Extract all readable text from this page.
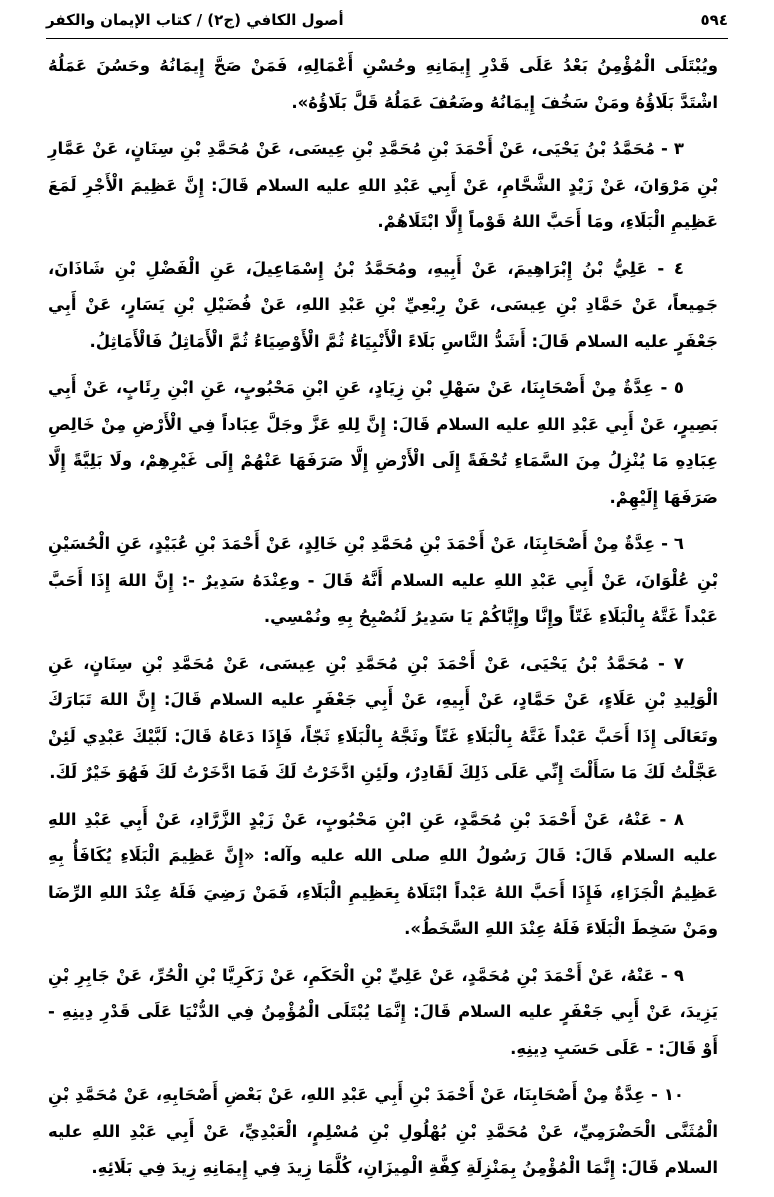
٥٩٤
أصول الكافي (ج٢) / كتاب الإيمان والكفر

ويُبْتَلَى الْمُؤْمِنُ بَعْدُ عَلَى قَدْرِ إِيمَانِهِ وحُسْنِ أَعْمَالِهِ، فَمَنْ صَحَّ إِيمَانُهُ وحَسُنَ عَمَلُهُ اشْتَدَّ بَلَاؤُهُ ومَنْ سَخُفَ إِيمَانُهُ وضَعُفَ عَمَلُهُ قَلَّ بَلَاؤُهُ».

٣ - مُحَمَّدُ بْنُ يَحْيَى، عَنْ أَحْمَدَ بْنِ مُحَمَّدِ بْنِ عِيسَى، عَنْ مُحَمَّدِ بْنِ سِنَانٍ، عَنْ عَمَّارِ بْنِ مَرْوَانَ، عَنْ زَيْدٍ الشَّحَّامِ، عَنْ أَبِي عَبْدِ اللهِ عليه السلام قَالَ: إِنَّ عَظِيمَ الْأَجْرِ لَمَعَ عَظِيمِ الْبَلَاءِ، ومَا أَحَبَّ اللهُ قَوْماً إِلَّا ابْتَلَاهُمْ.

٤ - عَلِيُّ بْنُ إِبْرَاهِيمَ، عَنْ أَبِيهِ، ومُحَمَّدُ بْنُ إِسْمَاعِيلَ، عَنِ الْفَضْلِ بْنِ شَاذَانَ، جَمِيعاً، عَنْ حَمَّادِ بْنِ عِيسَى، عَنْ رِبْعِيِّ بْنِ عَبْدِ اللهِ، عَنْ فُضَيْلِ بْنِ يَسَارٍ، عَنْ أَبِي جَعْفَرٍ عليه السلام قَالَ: أَشَدُّ النَّاسِ بَلَاءً الْأَنْبِيَاءُ ثُمَّ الْأَوْصِيَاءُ ثُمَّ الْأَمَاثِلُ فَالْأَمَاثِلُ.

٥ - عِدَّةٌ مِنْ أَصْحَابِنَا، عَنْ سَهْلِ بْنِ زِيَادٍ، عَنِ ابْنِ مَحْبُوبٍ، عَنِ ابْنِ رِئَابٍ، عَنْ أَبِي بَصِيرٍ، عَنْ أَبِي عَبْدِ اللهِ عليه السلام قَالَ: إِنَّ لِلهِ عَزَّ وجَلَّ عِبَاداً فِي الْأَرْضِ مِنْ خَالِصِ عِبَادِهِ مَا يُنْزِلُ مِنَ السَّمَاءِ تُحْفَةً إِلَى الْأَرْضِ إِلَّا صَرَفَهَا عَنْهُمْ إِلَى غَيْرِهِمْ، ولَا بَلِيَّةً إِلَّا صَرَفَهَا إِلَيْهِمْ.

٦ - عِدَّةٌ مِنْ أَصْحَابِنَا، عَنْ أَحْمَدَ بْنِ مُحَمَّدِ بْنِ خَالِدٍ، عَنْ أَحْمَدَ بْنِ عُبَيْدٍ، عَنِ الْحُسَيْنِ بْنِ عُلْوَانَ، عَنْ أَبِي عَبْدِ اللهِ عليه السلام أَنَّهُ قَالَ - وعِنْدَهُ سَدِيرٌ -: إِنَّ اللهَ إِذَا أَحَبَّ عَبْداً غَتَّهُ بِالْبَلَاءِ غَتّاً وإِنَّا وإِيَّاكُمْ يَا سَدِيرُ لَنُصْبِحُ بِهِ ونُمْسِي.

٧ - مُحَمَّدُ بْنُ يَحْيَى، عَنْ أَحْمَدَ بْنِ مُحَمَّدِ بْنِ عِيسَى، عَنْ مُحَمَّدِ بْنِ سِنَانٍ، عَنِ الْوَلِيدِ بْنِ عَلَاءٍ، عَنْ حَمَّادٍ، عَنْ أَبِيهِ، عَنْ أَبِي جَعْفَرٍ عليه السلام قَالَ: إِنَّ اللهَ تَبَارَكَ وتَعَالَى إِذَا أَحَبَّ عَبْداً غَتَّهُ بِالْبَلَاءِ غَتّاً وثَجَّهُ بِالْبَلَاءِ ثَجّاً، فَإِذَا دَعَاهُ قَالَ: لَبَّيْكَ عَبْدِي لَئِنْ عَجَّلْتُ لَكَ مَا سَأَلْتَ إِنِّي عَلَى ذَلِكَ لَقَادِرٌ، ولَئِنِ ادَّخَرْتُ لَكَ فَمَا ادَّخَرْتُ لَكَ فَهُوَ خَيْرٌ لَكَ.

٨ - عَنْهُ، عَنْ أَحْمَدَ بْنِ مُحَمَّدٍ، عَنِ ابْنِ مَحْبُوبٍ، عَنْ زَيْدٍ الزَّرَّادِ، عَنْ أَبِي عَبْدِ اللهِ عليه السلام قَالَ: قَالَ رَسُولُ اللهِ صلى الله عليه وآله: «إِنَّ عَظِيمَ الْبَلَاءِ يُكَافَأُ بِهِ عَظِيمُ الْجَزَاءِ، فَإِذَا أَحَبَّ اللهُ عَبْداً ابْتَلَاهُ بِعَظِيمِ الْبَلَاءِ، فَمَنْ رَضِيَ فَلَهُ عِنْدَ اللهِ الرِّضَا ومَنْ سَخِطَ الْبَلَاءَ فَلَهُ عِنْدَ اللهِ السَّخَطُ».

٩ - عَنْهُ، عَنْ أَحْمَدَ بْنِ مُحَمَّدٍ، عَنْ عَلِيِّ بْنِ الْحَكَمِ، عَنْ زَكَرِيَّا بْنِ الْحُرِّ، عَنْ جَابِرِ بْنِ يَزِيدَ، عَنْ أَبِي جَعْفَرٍ عليه السلام قَالَ: إِنَّمَا يُبْتَلَى الْمُؤْمِنُ فِي الدُّنْيَا عَلَى قَدْرِ دِينِهِ - أَوْ قَالَ: - عَلَى حَسَبِ دِينِهِ.

١٠ - عِدَّةٌ مِنْ أَصْحَابِنَا، عَنْ أَحْمَدَ بْنِ أَبِي عَبْدِ اللهِ، عَنْ بَعْضِ أَصْحَابِهِ، عَنْ مُحَمَّدِ بْنِ الْمُثَنَّى الْحَضْرَمِيِّ، عَنْ مُحَمَّدِ بْنِ بُهْلُولِ بْنِ مُسْلِمٍ، الْعَبْدِيِّ، عَنْ أَبِي عَبْدِ اللهِ عليه السلام قَالَ: إِنَّمَا الْمُؤْمِنُ بِمَنْزِلَةِ كِفَّةِ الْمِيزَانِ، كُلَّمَا زِيدَ فِي إِيمَانِهِ زِيدَ فِي بَلَائِهِ.
